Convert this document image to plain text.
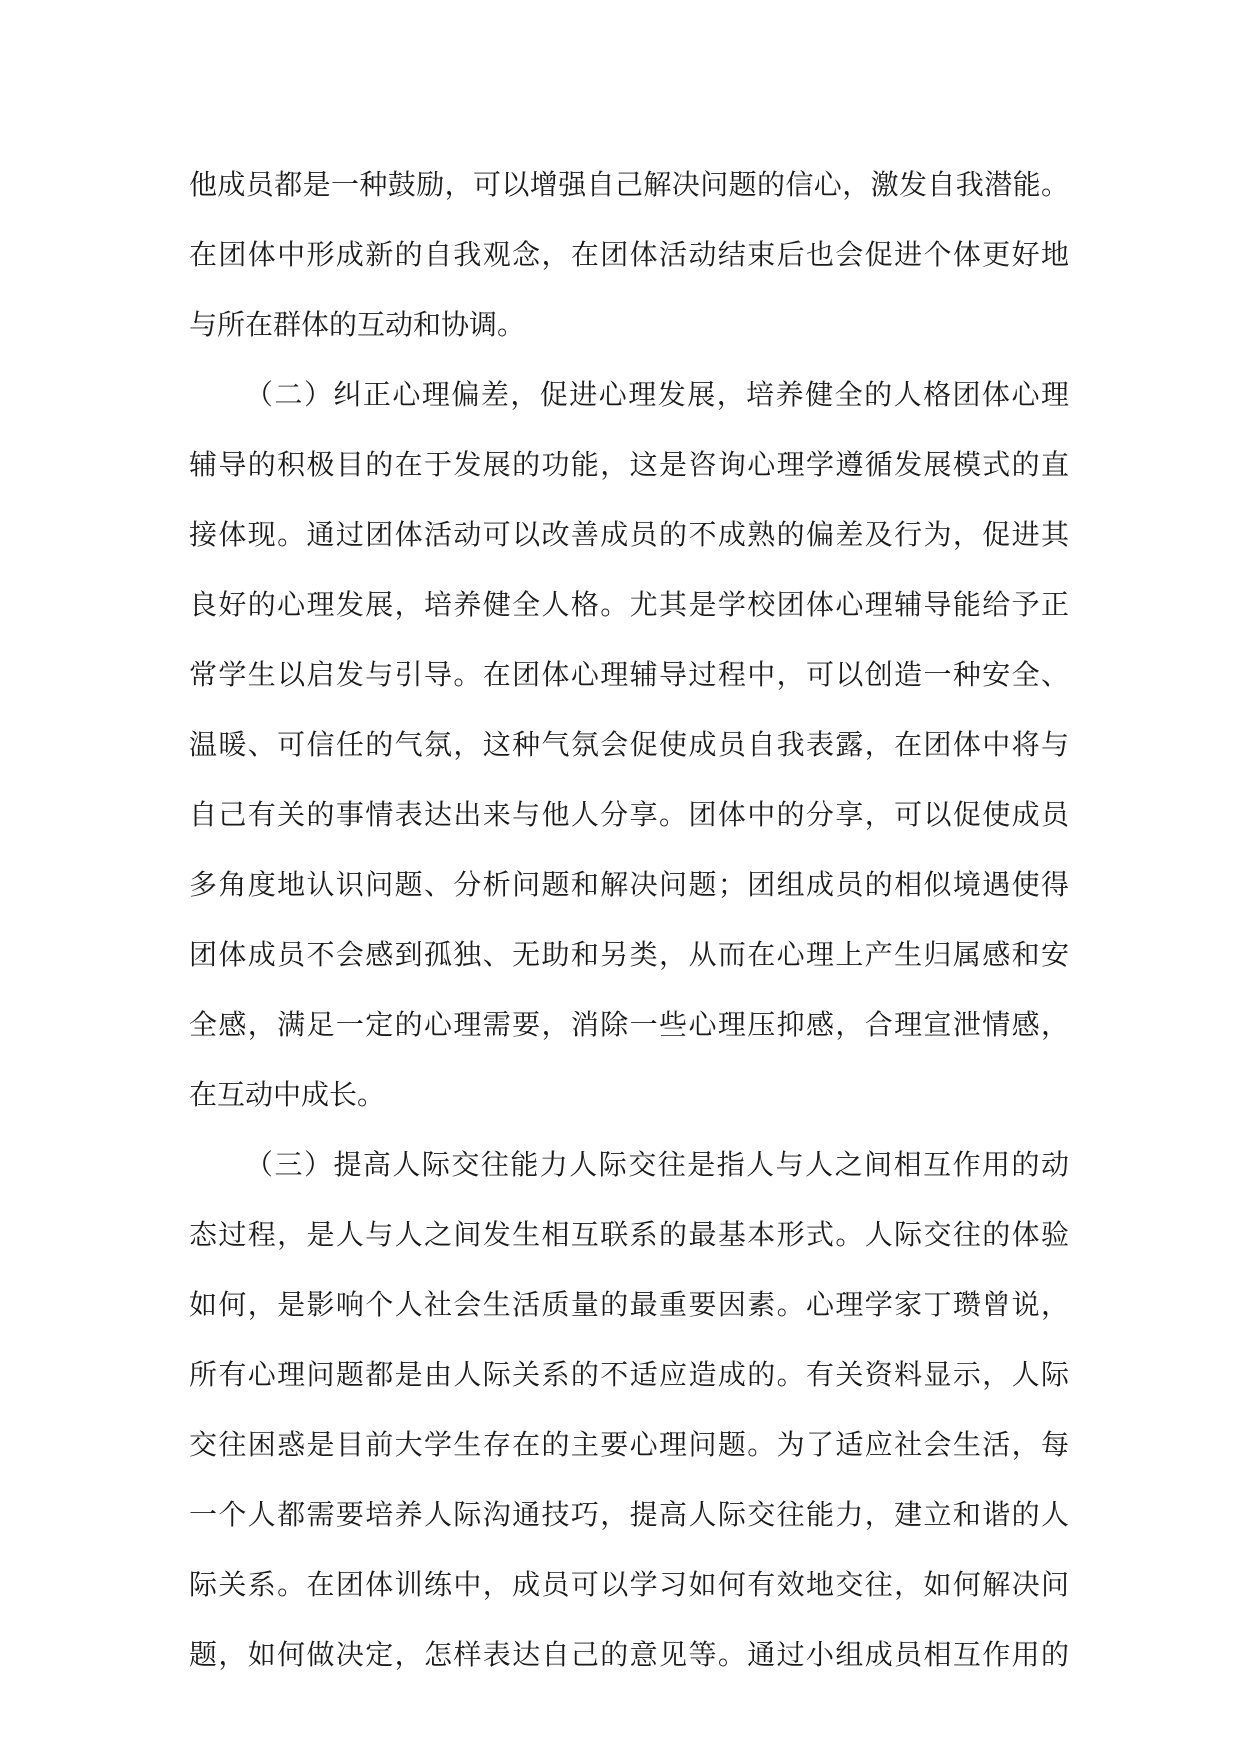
他成员都是一种鼓励，可以增强自己解决问题的信心，激发自我潜能。
在团体中形成新的自我观念，在团体活动结束后也会促进个体更好地
与所在群体的互动和协调。
（二）纠正心理偏差，促进心理发展，培养健全的人格团体心理
辅导的积极目的在于发展的功能，这是咨询心理学遵循发展模式的直
接体现。通过团体活动可以改善成员的不成熟的偏差及行为，促进其
良好的心理发展，培养健全人格。尤其是学校团体心理辅导能给予正
常学生以启发与引导。在团体心理辅导过程中，可以创造一种安全、
温暖、可信任的气氛，这种气氛会促使成员自我表露，在团体中将与
自己有关的事情表达出来与他人分享。团体中的分享，可以促使成员
多角度地认识问题、分析问题和解决问题；团组成员的相似境遇使得
团体成员不会感到孤独、无助和另类，从而在心理上产生归属感和安
全感，满足一定的心理需要，消除一些心理压抑感，合理宣泄情感，
在互动中成长。
（三）提高人际交往能力人际交往是指人与人之间相互作用的动
态过程，是人与人之间发生相互联系的最基本形式。人际交往的体验
如何，是影响个人社会生活质量的最重要因素。心理学家丁瓒曾说，
所有心理问题都是由人际关系的不适应造成的。有关资料显示，人际
交往困惑是目前大学生存在的主要心理问题。为了适应社会生活，每
一个人都需要培养人际沟通技巧，提高人际交往能力，建立和谐的人
际关系。在团体训练中，成员可以学习如何有效地交往，如何解决问
题，如何做决定，怎样表达自己的意见等。通过小组成员相互作用的
